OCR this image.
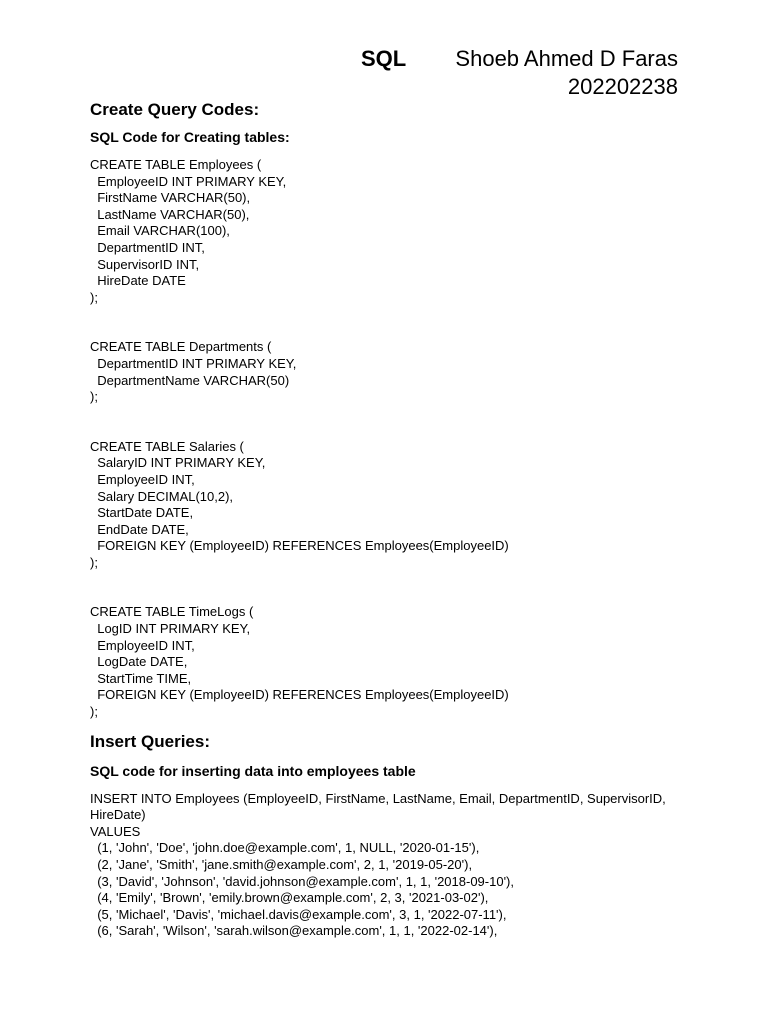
SQL Shoeb Ahmed D Faras
202202238
Create Query Codes:
SQL Code for Creating tables:
CREATE TABLE Employees (
EmployeeID INT PRIMARY KEY,
FirstName VARCHAR(50),
LastName VARCHAR(50),
Email VARCHAR(100),
DepartmentID INT,
SupervisorID INT,
HireDate DATE
);
CREATE TABLE Departments (
DepartmentID INT PRIMARY KEY,
DepartmentName VARCHAR(50)
);
CREATE TABLE Salaries (
SalaryID INT PRIMARY KEY,
EmployeeID INT,
Salary DECIMAL(10,2),
StartDate DATE,
EndDate DATE,
FOREIGN KEY (EmployeeID) REFERENCES Employees(EmployeeID)
);
CREATE TABLE TimeLogs (
LogID INT PRIMARY KEY,
EmployeeID INT,
LogDate DATE,
StartTime TIME,
FOREIGN KEY (EmployeeID) REFERENCES Employees(EmployeeID)
);
Insert Queries:
SQL code for inserting data into employees table
INSERT INTO Employees (EmployeeID, FirstName, LastName, Email, DepartmentID, SupervisorID, HireDate)
VALUES
(1, 'John', 'Doe', 'john.doe@example.com', 1, NULL, '2020-01-15'),
(2, 'Jane', 'Smith', 'jane.smith@example.com', 2, 1, '2019-05-20'),
(3, 'David', 'Johnson', 'david.johnson@example.com', 1, 1, '2018-09-10'),
(4, 'Emily', 'Brown', 'emily.brown@example.com', 2, 3, '2021-03-02'),
(5, 'Michael', 'Davis', 'michael.davis@example.com', 3, 1, '2022-07-11'),
(6, 'Sarah', 'Wilson', 'sarah.wilson@example.com', 1, 1, '2022-02-14'),
